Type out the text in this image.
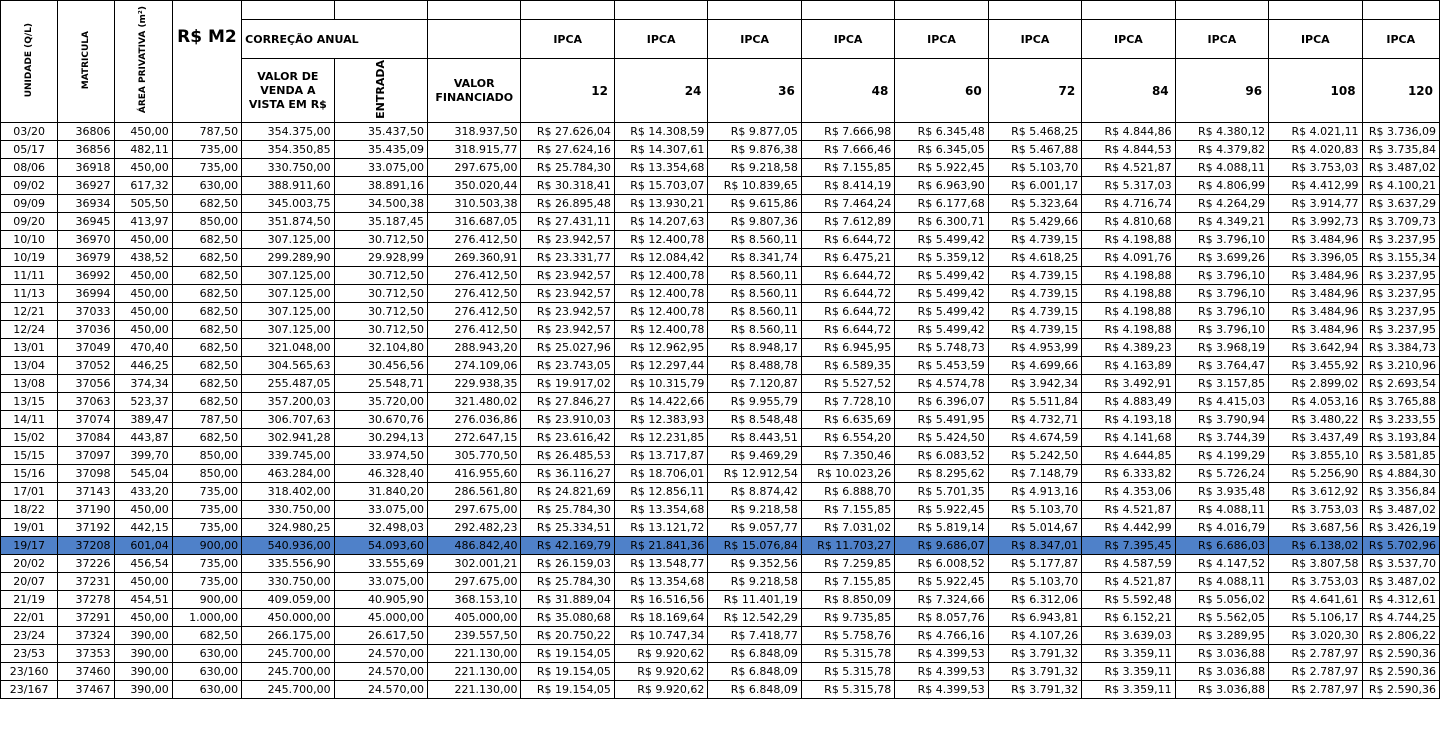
UNIDADE (Q/L)	MATRICULA	ÁREA PRIVATIVA (m²)	R$ M2													
				CORREÇÃO ANUAL			IPCA	IPCA	IPCA	IPCA	IPCA	IPCA	IPCA	IPCA	IPCA	IPCA
				VALOR DE VENDA A VISTA EM R$	ENTRADA	VALOR FINANCIADO	12	24	36	48	60	72	84	96	108	120
03/20	36806	450,00	787,50	354.375,00	35.437,50	318.937,50	R$ 27.626,04	R$ 14.308,59	R$ 9.877,05	R$ 7.666,98	R$ 6.345,48	R$ 5.468,25	R$ 4.844,86	R$ 4.380,12	R$ 4.021,11	R$ 3.736,09
05/17	36856	482,11	735,00	354.350,85	35.435,09	318.915,77	R$ 27.624,16	R$ 14.307,61	R$ 9.876,38	R$ 7.666,46	R$ 6.345,05	R$ 5.467,88	R$ 4.844,53	R$ 4.379,82	R$ 4.020,83	R$ 3.735,84
08/06	36918	450,00	735,00	330.750,00	33.075,00	297.675,00	R$ 25.784,30	R$ 13.354,68	R$ 9.218,58	R$ 7.155,85	R$ 5.922,45	R$ 5.103,70	R$ 4.521,87	R$ 4.088,11	R$ 3.753,03	R$ 3.487,02
09/02	36927	617,32	630,00	388.911,60	38.891,16	350.020,44	R$ 30.318,41	R$ 15.703,07	R$ 10.839,65	R$ 8.414,19	R$ 6.963,90	R$ 6.001,17	R$ 5.317,03	R$ 4.806,99	R$ 4.412,99	R$ 4.100,21
09/09	36934	505,50	682,50	345.003,75	34.500,38	310.503,38	R$ 26.895,48	R$ 13.930,21	R$ 9.615,86	R$ 7.464,24	R$ 6.177,68	R$ 5.323,64	R$ 4.716,74	R$ 4.264,29	R$ 3.914,77	R$ 3.637,29
09/20	36945	413,97	850,00	351.874,50	35.187,45	316.687,05	R$ 27.431,11	R$ 14.207,63	R$ 9.807,36	R$ 7.612,89	R$ 6.300,71	R$ 5.429,66	R$ 4.810,68	R$ 4.349,21	R$ 3.992,73	R$ 3.709,73
10/10	36970	450,00	682,50	307.125,00	30.712,50	276.412,50	R$ 23.942,57	R$ 12.400,78	R$ 8.560,11	R$ 6.644,72	R$ 5.499,42	R$ 4.739,15	R$ 4.198,88	R$ 3.796,10	R$ 3.484,96	R$ 3.237,95
10/19	36979	438,52	682,50	299.289,90	29.928,99	269.360,91	R$ 23.331,77	R$ 12.084,42	R$ 8.341,74	R$ 6.475,21	R$ 5.359,12	R$ 4.618,25	R$ 4.091,76	R$ 3.699,26	R$ 3.396,05	R$ 3.155,34
11/11	36992	450,00	682,50	307.125,00	30.712,50	276.412,50	R$ 23.942,57	R$ 12.400,78	R$ 8.560,11	R$ 6.644,72	R$ 5.499,42	R$ 4.739,15	R$ 4.198,88	R$ 3.796,10	R$ 3.484,96	R$ 3.237,95
11/13	36994	450,00	682,50	307.125,00	30.712,50	276.412,50	R$ 23.942,57	R$ 12.400,78	R$ 8.560,11	R$ 6.644,72	R$ 5.499,42	R$ 4.739,15	R$ 4.198,88	R$ 3.796,10	R$ 3.484,96	R$ 3.237,95
12/21	37033	450,00	682,50	307.125,00	30.712,50	276.412,50	R$ 23.942,57	R$ 12.400,78	R$ 8.560,11	R$ 6.644,72	R$ 5.499,42	R$ 4.739,15	R$ 4.198,88	R$ 3.796,10	R$ 3.484,96	R$ 3.237,95
12/24	37036	450,00	682,50	307.125,00	30.712,50	276.412,50	R$ 23.942,57	R$ 12.400,78	R$ 8.560,11	R$ 6.644,72	R$ 5.499,42	R$ 4.739,15	R$ 4.198,88	R$ 3.796,10	R$ 3.484,96	R$ 3.237,95
13/01	37049	470,40	682,50	321.048,00	32.104,80	288.943,20	R$ 25.027,96	R$ 12.962,95	R$ 8.948,17	R$ 6.945,95	R$ 5.748,73	R$ 4.953,99	R$ 4.389,23	R$ 3.968,19	R$ 3.642,94	R$ 3.384,73
13/04	37052	446,25	682,50	304.565,63	30.456,56	274.109,06	R$ 23.743,05	R$ 12.297,44	R$ 8.488,78	R$ 6.589,35	R$ 5.453,59	R$ 4.699,66	R$ 4.163,89	R$ 3.764,47	R$ 3.455,92	R$ 3.210,96
13/08	37056	374,34	682,50	255.487,05	25.548,71	229.938,35	R$ 19.917,02	R$ 10.315,79	R$ 7.120,87	R$ 5.527,52	R$ 4.574,78	R$ 3.942,34	R$ 3.492,91	R$ 3.157,85	R$ 2.899,02	R$ 2.693,54
13/15	37063	523,37	682,50	357.200,03	35.720,00	321.480,02	R$ 27.846,27	R$ 14.422,66	R$ 9.955,79	R$ 7.728,10	R$ 6.396,07	R$ 5.511,84	R$ 4.883,49	R$ 4.415,03	R$ 4.053,16	R$ 3.765,88
14/11	37074	389,47	787,50	306.707,63	30.670,76	276.036,86	R$ 23.910,03	R$ 12.383,93	R$ 8.548,48	R$ 6.635,69	R$ 5.491,95	R$ 4.732,71	R$ 4.193,18	R$ 3.790,94	R$ 3.480,22	R$ 3.233,55
15/02	37084	443,87	682,50	302.941,28	30.294,13	272.647,15	R$ 23.616,42	R$ 12.231,85	R$ 8.443,51	R$ 6.554,20	R$ 5.424,50	R$ 4.674,59	R$ 4.141,68	R$ 3.744,39	R$ 3.437,49	R$ 3.193,84
15/15	37097	399,70	850,00	339.745,00	33.974,50	305.770,50	R$ 26.485,53	R$ 13.717,87	R$ 9.469,29	R$ 7.350,46	R$ 6.083,52	R$ 5.242,50	R$ 4.644,85	R$ 4.199,29	R$ 3.855,10	R$ 3.581,85
15/16	37098	545,04	850,00	463.284,00	46.328,40	416.955,60	R$ 36.116,27	R$ 18.706,01	R$ 12.912,54	R$ 10.023,26	R$ 8.295,62	R$ 7.148,79	R$ 6.333,82	R$ 5.726,24	R$ 5.256,90	R$ 4.884,30
17/01	37143	433,20	735,00	318.402,00	31.840,20	286.561,80	R$ 24.821,69	R$ 12.856,11	R$ 8.874,42	R$ 6.888,70	R$ 5.701,35	R$ 4.913,16	R$ 4.353,06	R$ 3.935,48	R$ 3.612,92	R$ 3.356,84
18/22	37190	450,00	735,00	330.750,00	33.075,00	297.675,00	R$ 25.784,30	R$ 13.354,68	R$ 9.218,58	R$ 7.155,85	R$ 5.922,45	R$ 5.103,70	R$ 4.521,87	R$ 4.088,11	R$ 3.753,03	R$ 3.487,02
19/01	37192	442,15	735,00	324.980,25	32.498,03	292.482,23	R$ 25.334,51	R$ 13.121,72	R$ 9.057,77	R$ 7.031,02	R$ 5.819,14	R$ 5.014,67	R$ 4.442,99	R$ 4.016,79	R$ 3.687,56	R$ 3.426,19
19/17	37208	601,04	900,00	540.936,00	54.093,60	486.842,40	R$ 42.169,79	R$ 21.841,36	R$ 15.076,84	R$ 11.703,27	R$ 9.686,07	R$ 8.347,01	R$ 7.395,45	R$ 6.686,03	R$ 6.138,02	R$ 5.702,96
20/02	37226	456,54	735,00	335.556,90	33.555,69	302.001,21	R$ 26.159,03	R$ 13.548,77	R$ 9.352,56	R$ 7.259,85	R$ 6.008,52	R$ 5.177,87	R$ 4.587,59	R$ 4.147,52	R$ 3.807,58	R$ 3.537,70
20/07	37231	450,00	735,00	330.750,00	33.075,00	297.675,00	R$ 25.784,30	R$ 13.354,68	R$ 9.218,58	R$ 7.155,85	R$ 5.922,45	R$ 5.103,70	R$ 4.521,87	R$ 4.088,11	R$ 3.753,03	R$ 3.487,02
21/19	37278	454,51	900,00	409.059,00	40.905,90	368.153,10	R$ 31.889,04	R$ 16.516,56	R$ 11.401,19	R$ 8.850,09	R$ 7.324,66	R$ 6.312,06	R$ 5.592,48	R$ 5.056,02	R$ 4.641,61	R$ 4.312,61
22/01	37291	450,00	1.000,00	450.000,00	45.000,00	405.000,00	R$ 35.080,68	R$ 18.169,64	R$ 12.542,29	R$ 9.735,85	R$ 8.057,76	R$ 6.943,81	R$ 6.152,21	R$ 5.562,05	R$ 5.106,17	R$ 4.744,25
23/24	37324	390,00	682,50	266.175,00	26.617,50	239.557,50	R$ 20.750,22	R$ 10.747,34	R$ 7.418,77	R$ 5.758,76	R$ 4.766,16	R$ 4.107,26	R$ 3.639,03	R$ 3.289,95	R$ 3.020,30	R$ 2.806,22
23/53	37353	390,00	630,00	245.700,00	24.570,00	221.130,00	R$ 19.154,05	R$ 9.920,62	R$ 6.848,09	R$ 5.315,78	R$ 4.399,53	R$ 3.791,32	R$ 3.359,11	R$ 3.036,88	R$ 2.787,97	R$ 2.590,36
23/160	37460	390,00	630,00	245.700,00	24.570,00	221.130,00	R$ 19.154,05	R$ 9.920,62	R$ 6.848,09	R$ 5.315,78	R$ 4.399,53	R$ 3.791,32	R$ 3.359,11	R$ 3.036,88	R$ 2.787,97	R$ 2.590,36
23/167	37467	390,00	630,00	245.700,00	24.570,00	221.130,00	R$ 19.154,05	R$ 9.920,62	R$ 6.848,09	R$ 5.315,78	R$ 4.399,53	R$ 3.791,32	R$ 3.359,11	R$ 3.036,88	R$ 2.787,97	R$ 2.590,36
